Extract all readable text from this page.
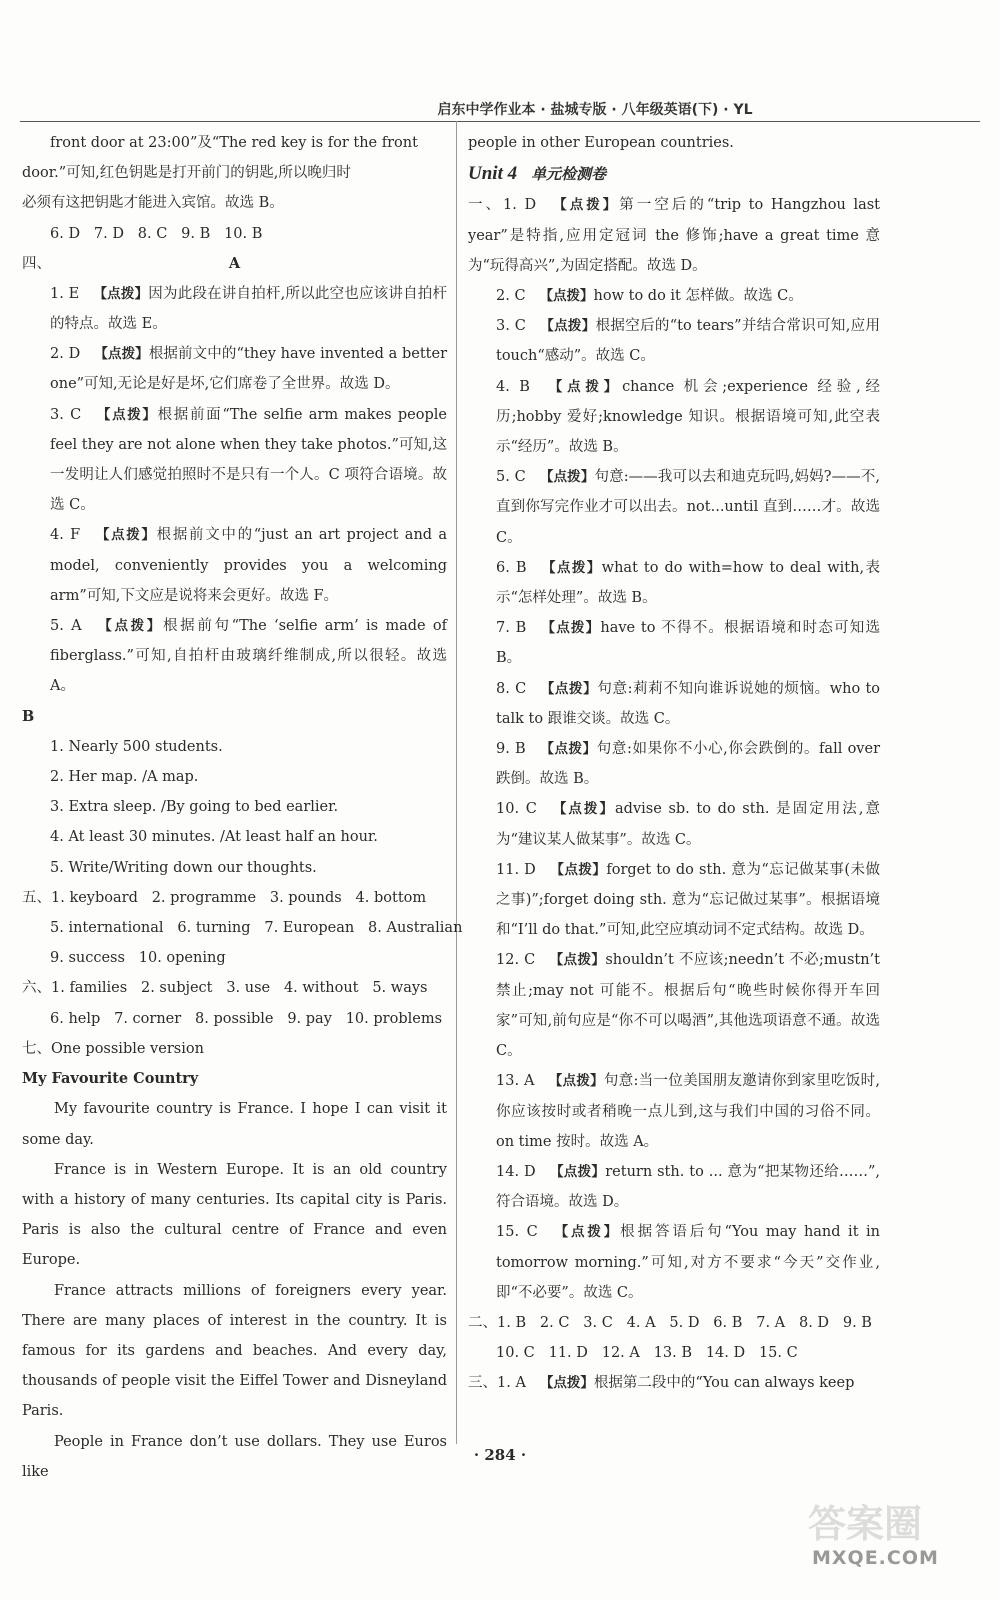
启东中学作业本 · 盐城专版 · 八年级英语(下) · YL

front door at 23:00”及“The red key is for the front

door.”可知,红色钥匙是打开前门的钥匙,所以晚归时

必须有这把钥匙才能进入宾馆。故选 B。

6. D   7. D   8. C   9. B   10. B

四、	A

1. E 【点拨】因为此段在讲自拍杆,所以此空也应该讲自拍杆的特点。故选 E。

2. D 【点拨】根据前文中的“they have invented a better one”可知,无论是好是坏,它们席卷了全世界。故选 D。

3. C 【点拨】根据前面“The selfie arm makes people feel they are not alone when they take photos.”可知,这一发明让人们感觉拍照时不是只有一个人。C 项符合语境。故选 C。

4. F 【点拨】根据前文中的“just an art project and a model, conveniently provides you a welcoming arm”可知,下文应是说将来会更好。故选 F。

5. A 【点拨】根据前句“The ‘selfie arm’ is made of fiberglass.”可知,自拍杆由玻璃纤维制成,所以很轻。故选 A。

B

1. Nearly 500 students.

2. Her map. /A map.

3. Extra sleep. /By going to bed earlier.

4. At least 30 minutes. /At least half an hour.

5. Write/Writing down our thoughts.

五、1. keyboard   2. programme   3. pounds   4. bottom

5. international   6. turning   7. European   8. Australian

9. success   10. opening

六、1. families   2. subject   3. use   4. without   5. ways

6. help   7. corner   8. possible   9. pay   10. problems

七、One possible version

My Favourite Country

My favourite country is France. I hope I can visit it some day.

France is in Western Europe. It is an old country with a history of many centuries. Its capital city is Paris. Paris is also the cultural centre of France and even Europe.

France attracts millions of foreigners every year. There are many places of interest in the country. It is famous for its gardens and beaches. And every day, thousands of people visit the Eiffel Tower and Disneyland Paris.

People in France don’t use dollars. They use Euros like

people in other European countries.

Unit 4 单元检测卷

一、1. D 【点拨】第一空后的“trip to Hangzhou last year”是特指,应用定冠词 the 修饰;have a great time 意为“玩得高兴”,为固定搭配。故选 D。

2. C 【点拨】how to do it 怎样做。故选 C。

3. C 【点拨】根据空后的“to tears”并结合常识可知,应用 touch“感动”。故选 C。

4. B 【点拨】chance 机会;experience 经验,经历;hobby 爱好;knowledge 知识。根据语境可知,此空表示“经历”。故选 B。

5. C 【点拨】句意:——我可以去和迪克玩吗,妈妈?——不,直到你写完作业才可以出去。not...until 直到……才。故选 C。

6. B 【点拨】what to do with=how to deal with,表示“怎样处理”。故选 B。

7. B 【点拨】have to 不得不。根据语境和时态可知选 B。

8. C 【点拨】句意:莉莉不知向谁诉说她的烦恼。who to talk to 跟谁交谈。故选 C。

9. B 【点拨】句意:如果你不小心,你会跌倒的。fall over 跌倒。故选 B。

10. C 【点拨】advise sb. to do sth. 是固定用法,意为“建议某人做某事”。故选 C。

11. D 【点拨】forget to do sth. 意为“忘记做某事(未做之事)”;forget doing sth. 意为“忘记做过某事”。根据语境和“I’ll do that.”可知,此空应填动词不定式结构。故选 D。

12. C 【点拨】shouldn’t 不应该;needn’t 不必;mustn’t 禁止;may not 可能不。根据后句“晚些时候你得开车回家”可知,前句应是“你不可以喝酒”,其他选项语意不通。故选 C。

13. A 【点拨】句意:当一位美国朋友邀请你到家里吃饭时,你应该按时或者稍晚一点儿到,这与我们中国的习俗不同。on time 按时。故选 A。

14. D 【点拨】return sth. to ... 意为“把某物还给……”,符合语境。故选 D。

15. C 【点拨】根据答语后句“You may hand it in tomorrow morning.”可知,对方不要求“今天”交作业,即“不必要”。故选 C。

二、1. B   2. C   3. C   4. A   5. D   6. B   7. A   8. D   9. B

10. C   11. D   12. A   13. B   14. D   15. C

三、1. A 【点拨】根据第二段中的“You can always keep

· 284 ·
答案圈
MXQE.COM
